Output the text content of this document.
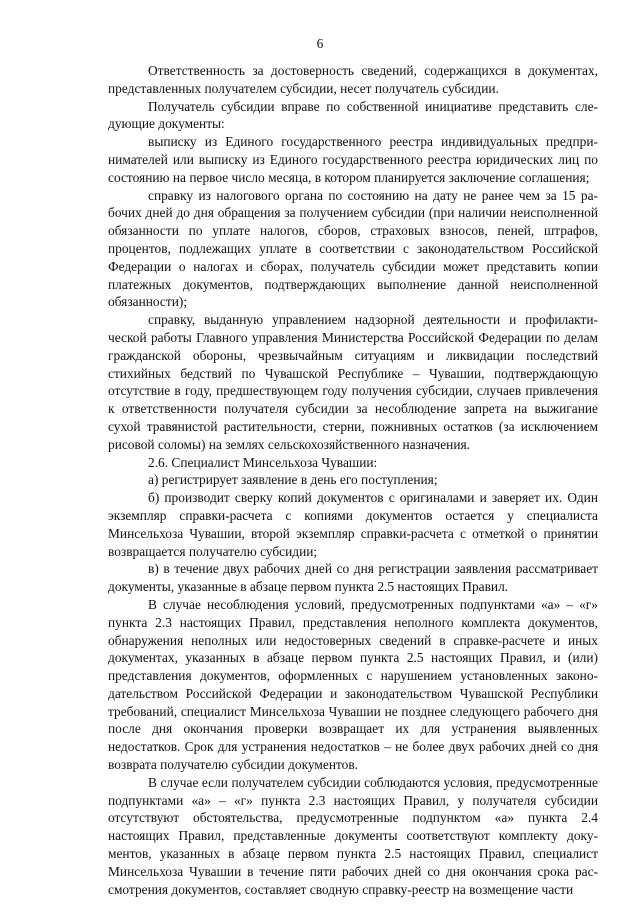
6

Ответственность за достоверность сведений, содержащихся в документах, представленных получателем субсидии, несет получатель субсидии.

Получатель субсидии вправе по собственной инициативе представить следующие документы:

выписку из Единого государственного реестра индивидуальных предпринимателей или выписку из Единого государственного реестра юридических лиц по состоянию на первое число месяца, в котором планируется заключение соглашения;

справку из налогового органа по состоянию на дату не ранее чем за 15 рабочих дней до дня обращения за получением субсидии (при наличии неисполненной обязанности по уплате налогов, сборов, страховых взносов, пеней, штрафов, процентов, подлежащих уплате в соответствии с законодательством Российской Федерации о налогах и сборах, получатель субсидии может представить копии платежных документов, подтверждающих выполнение данной неисполненной обязанности);

справку, выданную управлением надзорной деятельности и профилактической работы Главного управления Министерства Российской Федерации по делам гражданской обороны, чрезвычайным ситуациям и ликвидации последствий стихийных бедствий по Чувашской Республике – Чувашии, подтверждающую отсутствие в году, предшествующем году получения субсидии, случаев привлечения к ответственности получателя субсидии за несоблюдение запрета на выжигание сухой травянистой растительности, стерни, пожнивных остатков (за исключением рисовой соломы) на землях сельскохозяйственного назначения.

2.6. Специалист Минсельхоза Чувашии:

а) регистрирует заявление в день его поступления;

б) производит сверку копий документов с оригиналами и заверяет их. Один экземпляр справки-расчета с копиями документов остается у специалиста Минсельхоза Чувашии, второй экземпляр справки-расчета с отметкой о принятии возвращается получателю субсидии;

в) в течение двух рабочих дней со дня регистрации заявления рассматривает документы, указанные в абзаце первом пункта 2.5 настоящих Правил.

В случае несоблюдения условий, предусмотренных подпунктами «а» – «г» пункта 2.3 настоящих Правил, представления неполного комплекта документов, обнаружения неполных или недостоверных сведений в справке-расчете и иных документах, указанных в абзаце первом пункта 2.5 настоящих Правил, и (или) представления документов, оформленных с нарушением установленных законодательством Российской Федерации и законодательством Чувашской Республики требований, специалист Минсельхоза Чувашии не позднее следующего рабочего дня после дня окончания проверки возвращает их для устранения выявленных недостатков. Срок для устранения недостатков – не более двух рабочих дней со дня возврата получателю субсидии документов.

В случае если получателем субсидии соблюдаются условия, предусмотренные подпунктами «а» – «г» пункта 2.3 настоящих Правил, у получателя субсидии отсутствуют обстоятельства, предусмотренные подпунктом «а» пункта 2.4 настоящих Правил, представленные документы соответствуют комплекту документов, указанных в абзаце первом пункта 2.5 настоящих Правил, специалист Минсельхоза Чувашии в течение пяти рабочих дней со дня окончания срока рассмотрения документов, составляет сводную справку-реестр на возмещение части
